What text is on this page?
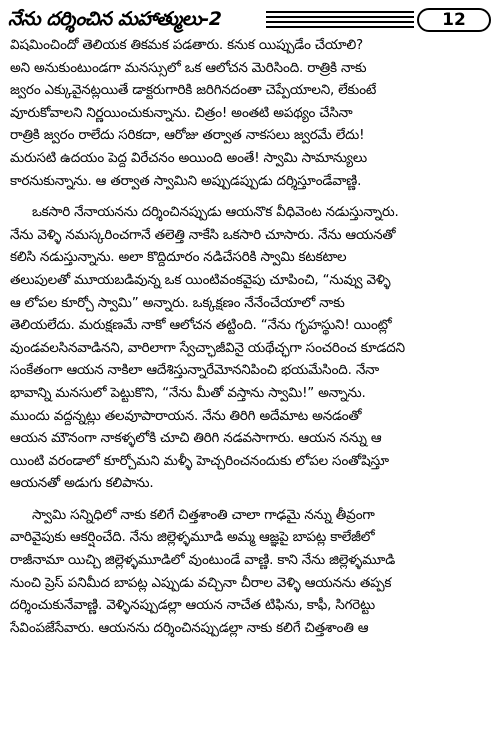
నేను దర్శించిన మహాత్ములు-2	12
విషమించిందో తెలియక తికమక పడతారు. కనుక యిప్పుడేం చేయాలి?
అని అనుకుంటుండగా మనస్సులో ఒక ఆలోచన మెరిసింది. రాత్రికి నాకు
జ్వరం ఎక్కువైనట్లయితే డాక్టరుగారికి జరిగినదంతా చెప్పేయాలని, లేకుంటే
వూరుకోవాలని నిర్ణయించుకున్నాను. చిత్రం! అంతటి అపథ్యం చేసినా
రాత్రికి జ్వరం రాలేదు సరికదా, ఆరోజు తర్వాత నాకసలు జ్వరమే లేదు!
మరుసటి ఉదయం పెద్ద విరేచనం అయింది అంతే! స్వామి సామాన్యులు
కారనుకున్నాను. ఆ తర్వాత స్వామిని అప్పుడప్పుడు దర్శిస్తూండేవాణ్ణి.
ఒకసారి నేనాయనను దర్శించినప్పుడు ఆయనొక వీధివెంట నడుస్తున్నారు.
నేను వెళ్ళి నమస్కరించగానే తలెత్తి నాకేసి ఒకసారి చూసారు. నేను ఆయనతో
కలిసి నడుస్తున్నాను. అలా కొద్దిదూరం నడిచేసరికి స్వామి కటకటాల
తలుపులతో మూయబడివున్న ఒక యింటివంకవైపు చూపించి, “నువ్వు వెళ్ళి
ఆ లోపల కూర్చో స్వామి” అన్నారు. ఒక్కక్షణం నేనేంచేయాలో నాకు
తెలియలేదు. మరుక్షణమే నాకో ఆలోచన తట్టింది. “నేను గృహస్థుని! యింట్లో
వుండవలసినవాడినని, వారిలాగా స్వేచ్ఛాజీవినై యథేచ్ఛగా సంచరించ కూడదని
సంకేతంగా ఆయన నాకిలా ఆదేశిస్తున్నారేమోననిపించి భయమేసింది. నేనా
భావాన్ని మనసులో పెట్టుకొని, “నేను మీతో వస్తాను స్వామి!” అన్నాను.
ముందు వద్దన్నట్లు తలవూపారాయన. నేను తిరిగి అదేమాట అనడంతో
ఆయన మౌనంగా నాకళ్ళలోకి చూచి తిరిగి నడవసాగారు. ఆయన నన్ను ఆ
యింటి వరండాలో కూర్చోమని మళ్ళీ హెచ్చరించనందుకు లోపల సంతోషిస్తూ
ఆయనతో అడుగు కలిపాను.
స్వామి సన్నిధిలో నాకు కలిగే చిత్తశాంతి చాలా గాఢమై నన్ను తీవ్రంగా
వారివైపుకు ఆకర్షించేది. నేను జిల్లెళ్ళమూడి అమ్మ ఆజ్ఞపై బాపట్ల కాలేజీలో
రాజీనామా యిచ్చి జిల్లెళ్ళమూడిలో వుంటుండే వాణ్ణి. కాని నేను జిల్లెళ్ళమూడి
నుంచి ప్రెస్ పనిమీద బాపట్ల ఎప్పుడు వచ్చినా చీరాల వెళ్ళి ఆయనను తప్పక
దర్శించుకునేవాణ్ణి. వెళ్ళినప్పుడల్లా ఆయన నాచేత టిఫిను, కాఫీ, సిగరెట్టు
సేవింపజేసేవారు. ఆయనను దర్శించినప్పుడల్లా నాకు కలిగే చిత్తశాంతి ఆ
